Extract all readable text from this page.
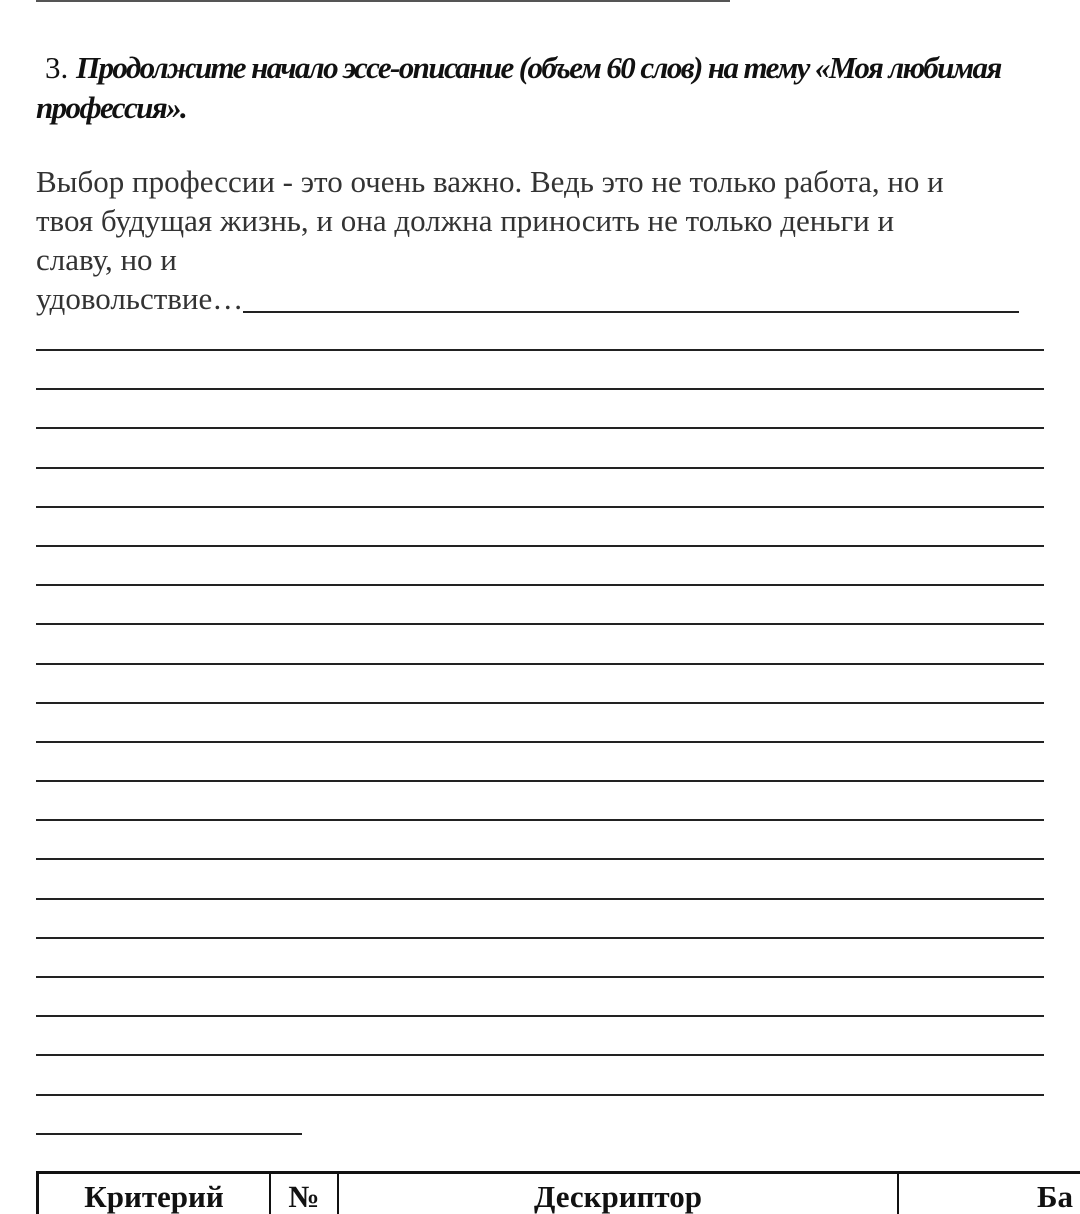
3. Продолжите начало эссе-описание (объем 60 слов) на тему «Моя любимая профессия».
Выбор профессии - это очень важно. Ведь это не только работа, но и
твоя будущая жизнь, и она должна приносить не только деньги и
славу, но и
удовольствие…
Критерий	№	Дескриптор	Ба
